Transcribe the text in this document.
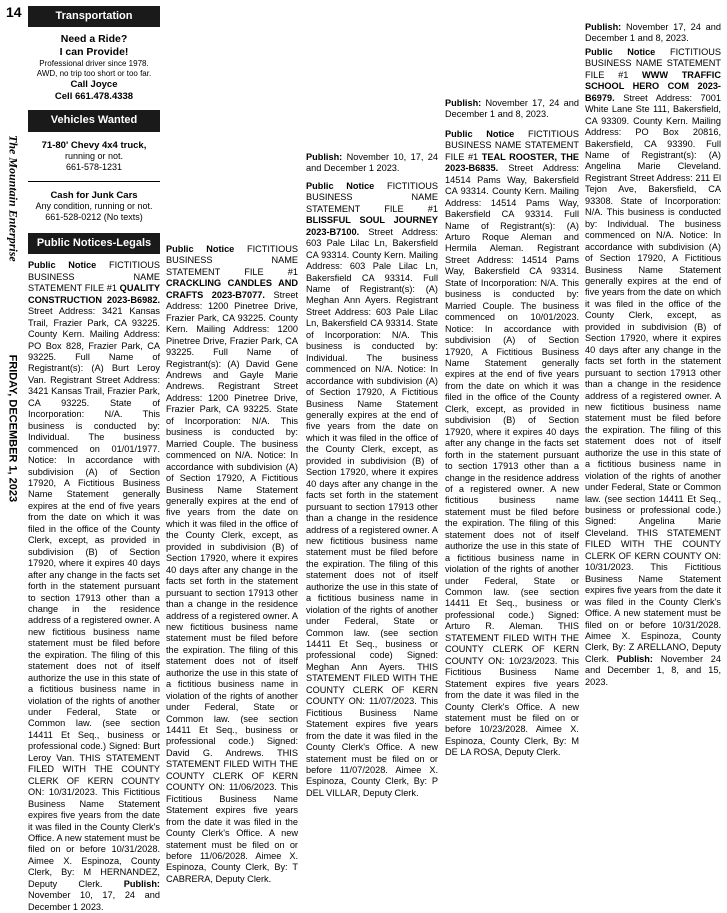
14
The Mountain Enterprise FRIDAY, DECEMBER 1, 2023
Transportation
Need a Ride?
I can Provide!
Professional driver since 1978. AWD, no trip too short or too far.
Call Joyce
Cell 661.478.4338
Vehicles Wanted
71-80' Chevy 4x4 truck,
running or not.
661-578-1231
Cash for Junk Cars
Any condition, running or not. 661-528-0212 (No texts)
Public Notices-Legals

Public Notice FICTITIOUS BUSINESS NAME STATEMENT FILE #1 QUALITY CONSTRUCTION 2023-B6982. Street Address: 3421 Kansas Trail, Frazier Park, CA 93225. County Kern. Mailing Address: PO Box 828, Frazier Park, CA 93225. Full Name of Registrant(s): (A) Burt Leroy Van. Registrant Street Address: 3421 Kansas Trail, Frazier Park, CA 93225. State of Incorporation: N/A. This business is conducted by: Individual. The business commenced on 01/01/1977. Notice: In accordance with subdivision (A) of Section 17920, A Fictitious Business Name Statement generally expires at the end of five years from the date on which it was filed in the office of the County Clerk, except, as provided in subdivision (B) of Section 17920, where it expires 40 days after any change in the facts set forth in the statement pursuant to section 17913 other than a change in the residence address of a registered owner. A new fictitious business name statement must be filed before the expiration. The filing of this statement does not of itself authorize the use in this state of a fictitious business name in violation of the rights of another under Federal, State or Common law. (see section 14411 Et Seq., business or professional code.) Signed: Burt Leroy Van. THIS STATEMENT FILED WITH THE COUNTY CLERK OF KERN COUNTY ON: 10/31/2023. This Fictitious Business Name Statement expires five years from the date it was filed in the County Clerk's Office. A new statement must be filed on or before 10/31/2028. Aimee X. Espinoza, County Clerk, By: M HERNANDEZ, Deputy Clerk. Publish: November 10, 17, 24 and December 1 2023.

Public Notice FICTITIOUS BUSINESS NAME STATEMENT FILE #1 CRACKLING CANDLES AND CRAFTS 2023-B7077. Street Address: 1200 Pinetree Drive, Frazier Park, CA 93225. County Kern. Mailing Address: 1200 Pinetree Drive, Frazier Park, CA 93225. Full Name of Registrant(s): (A) David Gene Andrews and Gayle Marie Andrews. Registrant Street Address: 1200 Pinetree Drive, Frazier Park, CA 93225. State of Incorporation: N/A. This business is conducted by: Married Couple. The business commenced on N/A. Notice: In accordance with subdivision (A) of Section 17920, A Fictitious Business Name Statement generally expires at the end of five years from the date on which it was filed in the office of the County Clerk, except, as provided in subdivision (B) of Section 17920, where it expires 40 days after any change in the facts set forth in the statement pursuant to section 17913 other than a change in the residence address of a registered owner. A new fictitious business name statement must be filed before the expiration. The filing of this statement does not of itself authorize the use in this state of a fictitious business name in violation of the rights of another under Federal, State or Common law. (see section 14411 Et Seq., business or professional code.) Signed: David G. Andrews. THIS STATEMENT FILED WITH THE COUNTY CLERK OF KERN COUNTY ON: 11/06/2023. This Fictitious Business Name Statement expires five years from the date it was filed in the County Clerk's Office. A new statement must be filed on or before 11/06/2028. Aimee X. Espinoza, County Clerk, By: T CABRERA, Deputy Clerk.

Publish: November 10, 17, 24 and December 1 2023.

Public Notice FICTITIOUS BUSINESS NAME STATEMENT FILE #1 BLISSFUL SOUL JOURNEY 2023-B7100. Street Address: 603 Pale Lilac Ln, Bakersfield CA 93314. County Kern. Mailing Address: 603 Pale Lilac Ln, Bakersfield CA 93314. Full Name of Registrant(s): (A) Meghan Ann Ayers. Registrant Street Address: 603 Pale Lilac Ln, Bakersfield CA 93314. State of Incorporation: N/A. This business is conducted by: Individual. The business commenced on N/A. Notice: In accordance with subdivision (A) of Section 17920, A Fictitious Business Name Statement generally expires at the end of five years from the date on which it was filed in the office of the County Clerk, except, as provided in subdivision (B) of Section 17920, where it expires 40 days after any change in the facts set forth in the statement pursuant to section 17913 other than a change in the residence address of a registered owner. A new fictitious business name statement must be filed before the expiration. The filing of this statement does not of itself authorize the use in this state of a fictitious business name in violation of the rights of another under Federal, State or Common law. (see section 14411 Et Seq., business or professional code) Signed: Meghan Ann Ayers. THIS STATEMENT FILED WITH THE COUNTY CLERK OF KERN COUNTY ON: 11/07/2023. This Fictitious Business Name Statement expires five years from the date it was filed in the County Clerk's Office. A new statement must be filed on or before 11/07/2028. Aimee X. Espinoza, County Clerk, By: P DEL VILLAR, Deputy Clerk.

Publish: November 17, 24 and December 1 and 8, 2023.

Public Notice FICTITIOUS BUSINESS NAME STATEMENT FILE #1 TEAL ROOSTER, THE 2023-B6835. Street Address: 14514 Pams Way, Bakersfield CA 93314. County Kern. Mailing Address: 14514 Pams Way, Bakersfield CA 93314. Full Name of Registrant(s): (A) Arturo Roque Aleman and Hermila Aleman. Registrant Street Address: 14514 Pams Way, Bakersfield CA 93314. State of Incorporation: N/A. This business is conducted by: Married Couple. The business commenced on 10/01/2023. Notice: In accordance with subdivision (A) of Section 17920, A Fictitious Business Name Statement generally expires at the end of five years from the date on which it was filed in the office of the County Clerk, except, as provided in subdivision (B) of Section 17920, where it expires 40 days after any change in the facts set forth in the statement pursuant to section 17913 other than a change in the residence address of a registered owner. A new fictitious business name statement must be filed before the expiration. The filing of this statement does not of itself authorize the use in this state of a fictitious business name in violation of the rights of another under Federal, State or Common law. (see section 14411 Et Seq., business or professional code.) Signed: Arturo R. Aleman. THIS STATEMENT FILED WITH THE COUNTY CLERK OF KERN COUNTY ON: 10/23/2023. This Fictitious Business Name Statement expires five years from the date it was filed in the County Clerk's Office. A new statement must be filed on or before 10/23/2028. Aimee X. Espinoza, County Clerk, By: M DE LA ROSA, Deputy Clerk.

Publish: November 17, 24 and December 1 and 8, 2023.

Public Notice FICTITIOUS BUSINESS NAME STATEMENT FILE #1 WWW TRAFFIC SCHOOL HERO COM 2023-B6979. Street Address: 7001 White Lane Ste 111, Bakersfield, CA 93309. County Kern. Mailing Address: PO Box 20816, Bakersfield, CA 93390. Full Name of Registrant(s): (A) Angelina Marie Cleveland. Registrant Street Address: 211 El Tejon Ave, Bakersfield, CA 93308. State of Incorporation: N/A. This business is conducted by: Individual. The business commenced on N/A. Notice: In accordance with subdivision (A) of Section 17920, A Fictitious Business Name Statement generally expires at the end of five years from the date on which it was filed in the office of the County Clerk, except, as provided in subdivision (B) of Section 17920, where it expires 40 days after any change in the facts set forth in the statement pursuant to section 17913 other than a change in the residence address of a registered owner. A new fictitious business name statement must be filed before the expiration. The filing of this statement does not of itself authorize the use in this state of a fictitious business name in violation of the rights of another under Federal, State or Common law. (see section 14411 Et Seq., business or professional code.) Signed: Angelina Marie Cleveland. THIS STATEMENT FILED WITH THE COUNTY CLERK OF KERN COUNTY ON: 10/31/2023. This Fictitious Business Name Statement expires five years from the date it was filed in the County Clerk's Office. A new statement must be filed on or before 10/31/2028. Aimee X. Espinoza, County Clerk, By: Z ARELLANO, Deputy Clerk. Publish: November 24 and December 1, 8, and 15, 2023.
